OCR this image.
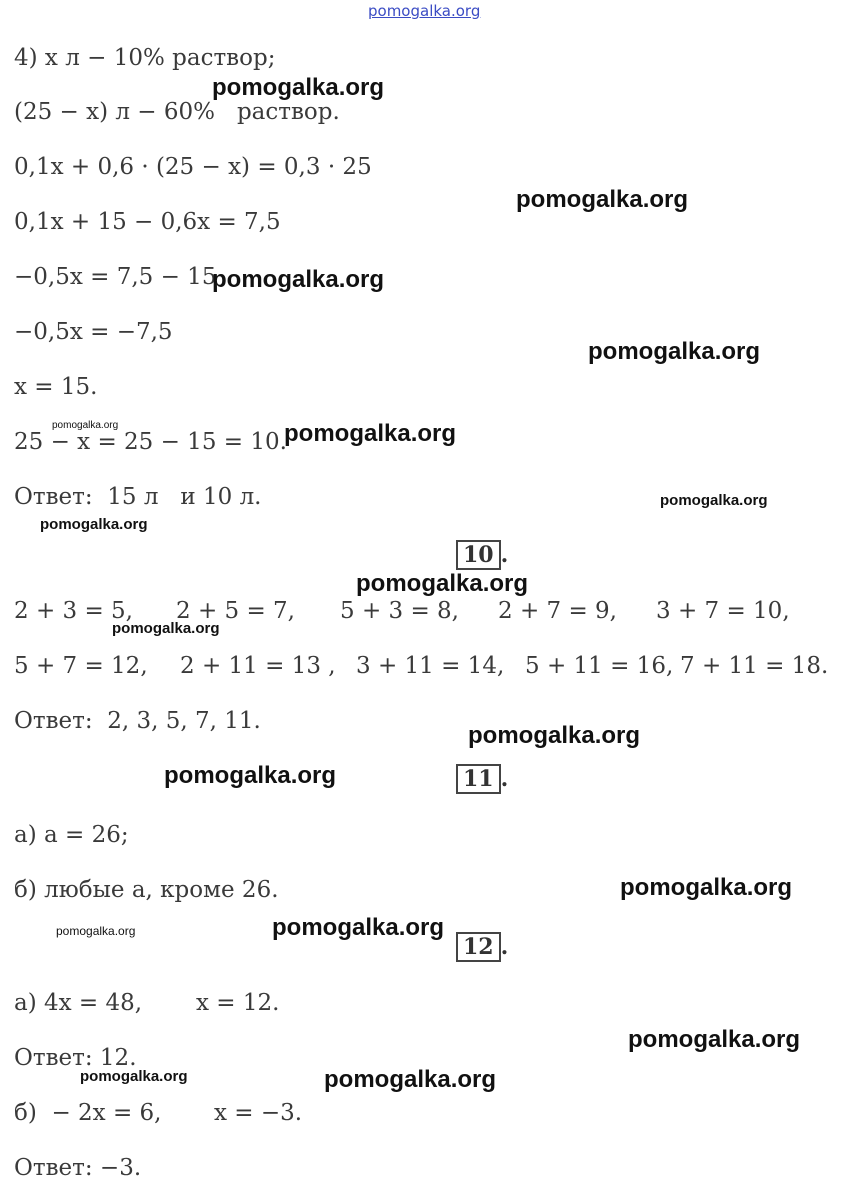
pomogalka.org
4) x л − 10% раствор;
(25 − x) л − 60%   раствор.
0,1x + 0,6 · (25 − x) = 0,3 · 25
0,1x + 15 − 0,6x = 7,5
−0,5x = 7,5 − 15
−0,5x = −7,5
x = 15.
25 − x = 25 − 15 = 10.
Ответ:  15 л   и 10 л.
10 .
2 + 3 = 5, 2 + 5 = 7, 5 + 3 = 8, 2 + 7 = 9, 3 + 7 = 10,
5 + 7 = 12, 2 + 11 = 13 , 3 + 11 = 14, 5 + 11 = 16, 7 + 11 = 18.
Ответ:  2, 3, 5, 7, 11.
11 .
а) a = 26;
б) любые a, кроме 26.
12 .
а) 4x = 48, x = 12.
Ответ: 12.
б)  − 2x = 6, x = −3.
Ответ: −3.
pomogalka.org
pomogalka.org
pomogalka.org
pomogalka.org
pomogalka.org	pomogalka.org
pomogalka.org
pomogalka.org
pomogalka.org
pomogalka.org
pomogalka.org
pomogalka.org
pomogalka.org
pomogalka.org	pomogalka.org
pomogalka.org
pomogalka.org	pomogalka.org
